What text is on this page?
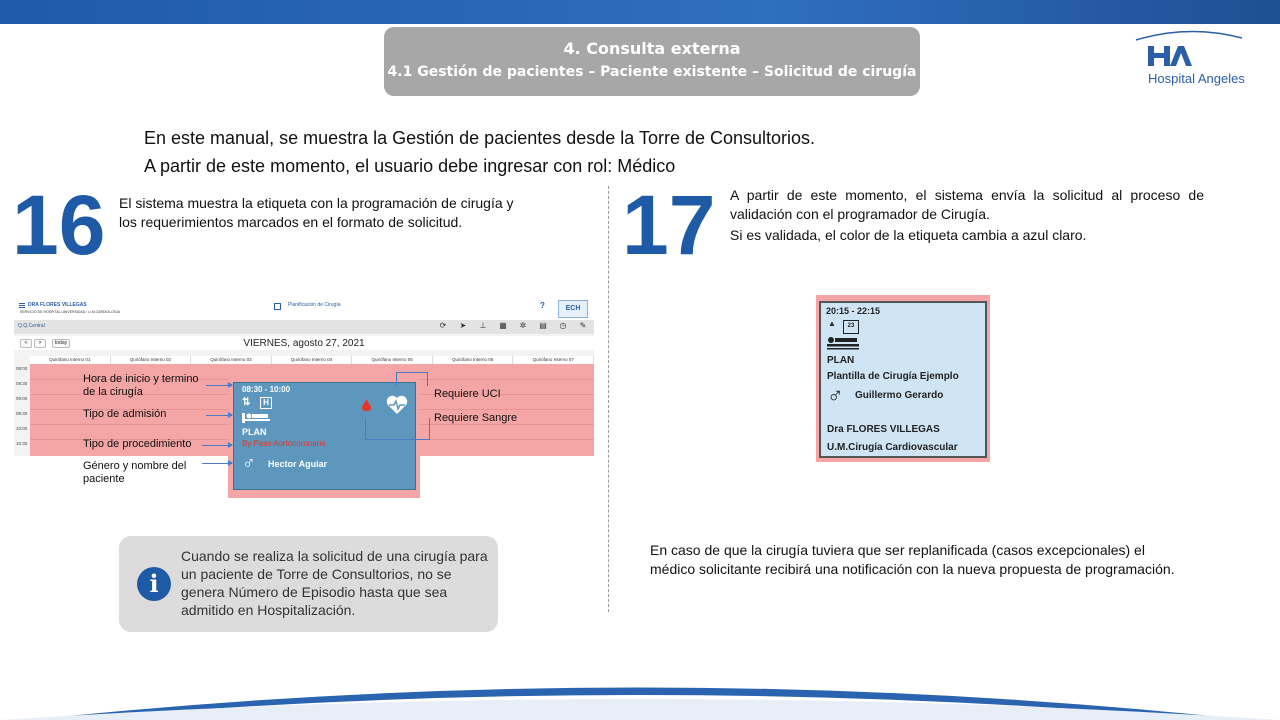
4. Consulta externa
4.1 Gestión de pacientes – Paciente existente – Solicitud de cirugía	Hospital Angeles
En este manual, se muestra la Gestión de pacientes desde la Torre de Consultorios.
A partir de este momento, el usuario debe ingresar con rol: Médico
16 El sistema muestra la etiqueta con la programación de cirugía y
los requerimientos marcados en el formato de solicitud.
DRA FLORES VILLEGAS
SERVICIO DE HOSPITAL UNIVERSIDAD / U.M.CARDIOLOGIA
Planificación de Cirugía	?	ECH
Q.Q.Central	⟳	➤	⊥	▦	✲	▤	◷	✎
<	>	today	VIERNES, agosto 27, 2021
Quirófano Interno 01	Quirófano Interno 02	Quirófano Interno 03	Quirófano Interno 04	Quirófano Interno 05	Quirófano Interno 06	Quirófano Interno 07
08:00
08:30
09:00
09:30
10:00
10:30
08:30 - 10:00
⇅	H
PLAN
By Pass Aortocoronario
♂ Hector Aguiar
Hora de inicio y termino
de la cirugía
Tipo de admisión
Tipo de procedimiento
Género y nombre del
paciente
Requiere UCI
Requiere Sangre
i
Cuando se realiza la solicitud de una cirugía para un paciente de Torre de Consultorios, no se genera Número de Episodio hasta que sea admitido en Hospitalización.
17 A partir de este momento, el sistema envía la solicitud al proceso de
validación con el programador de Cirugía.
Si es validada, el color de la etiqueta cambia a azul claro.
20:15 - 22:15
▲	23
PLAN
Plantilla de Cirugía Ejemplo
♂ Guillermo Gerardo
Dra FLORES VILLEGAS
U.M.Cirugía Cardiovascular
En caso de que la cirugía tuviera que ser replanificada (casos excepcionales) el
médico solicitante recibirá una notificación con la nueva propuesta de programación.
